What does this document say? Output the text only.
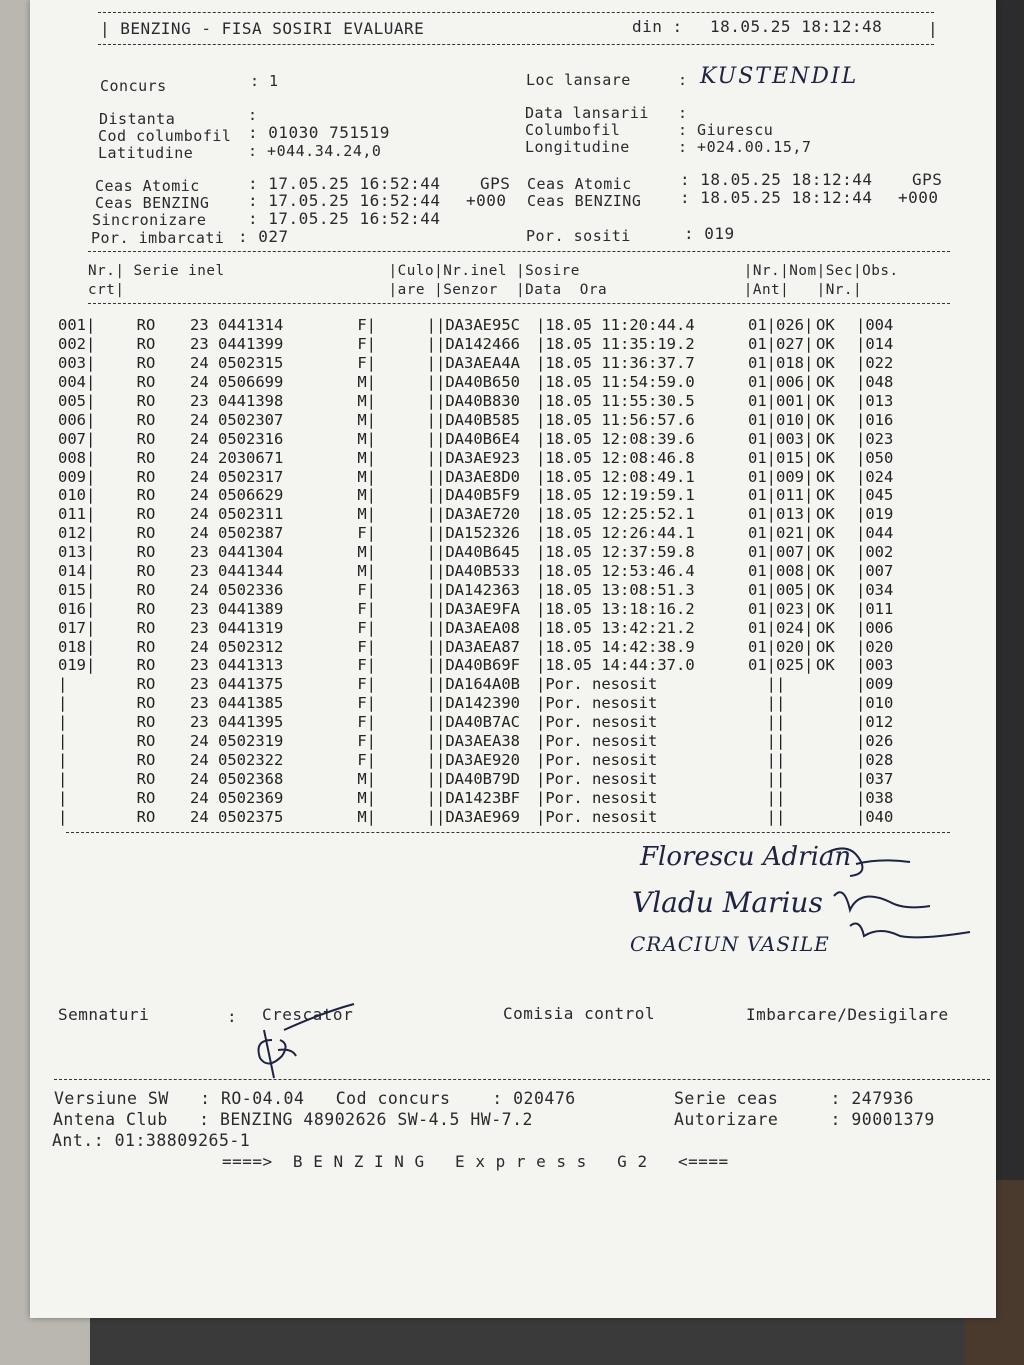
| BENZING - FISA SOSIRI EVALUARE	din : 18.05.25 18:12:48	|
Concurs	: 1
Distanta	:
Cod columbofil : 01030 751519
Latitudine	: +044.34.24,0
Loc lansare	: KUSTENDIL
Data lansarii :
Columbofil	: Giurescu
Longitudine	: +024.00.15,7
Ceas Atomic	: 17.05.25 16:52:44 GPS
Ceas BENZING : 17.05.25 16:52:44 +000
Sincronizare	: 17.05.25 16:52:44
Por. imbarcati : 027
Ceas Atomic	: 18.05.25 18:12:44 GPS
Ceas BENZING : 18.05.25 18:12:44 +000
Por. sositi	: 019
Nr.| Serie inel                  |Culo|Nr.inel |Sosire                  |Nr.|Nom|Sec|Obs.
crt|                             |are |Senzor  |Data  Ora               |Ant|   |Nr.|
001|	RO	23 0441314	F|	|	|DA3AE95C	|18.05 11:20:44.4	01|	026|	OK	|004
002|	RO	23 0441399	F|	|	|DA142466	|18.05 11:35:19.2	01|	027|	OK	|014
003|	RO	24 0502315	F|	|	|DA3AEA4A	|18.05 11:36:37.7	01|	018|	OK	|022
004|	RO	24 0506699	M|	|	|DA40B650	|18.05 11:54:59.0	01|	006|	OK	|048
005|	RO	23 0441398	M|	|	|DA40B830	|18.05 11:55:30.5	01|	001|	OK	|013
006|	RO	24 0502307	M|	|	|DA40B585	|18.05 11:56:57.6	01|	010|	OK	|016
007|	RO	24 0502316	M|	|	|DA40B6E4	|18.05 12:08:39.6	01|	003|	OK	|023
008|	RO	24 2030671	M|	|	|DA3AE923	|18.05 12:08:46.8	01|	015|	OK	|050
009|	RO	24 0502317	M|	|	|DA3AE8D0	|18.05 12:08:49.1	01|	009|	OK	|024
010|	RO	24 0506629	M|	|	|DA40B5F9	|18.05 12:19:59.1	01|	011|	OK	|045
011|	RO	24 0502311	M|	|	|DA3AE720	|18.05 12:25:52.1	01|	013|	OK	|019
012|	RO	24 0502387	F|	|	|DA152326	|18.05 12:26:44.1	01|	021|	OK	|044
013|	RO	23 0441304	M|	|	|DA40B645	|18.05 12:37:59.8	01|	007|	OK	|002
014|	RO	23 0441344	M|	|	|DA40B533	|18.05 12:53:46.4	01|	008|	OK	|007
015|	RO	24 0502336	F|	|	|DA142363	|18.05 13:08:51.3	01|	005|	OK	|034
016|	RO	23 0441389	F|	|	|DA3AE9FA	|18.05 13:18:16.2	01|	023|	OK	|011
017|	RO	23 0441319	F|	|	|DA3AEA08	|18.05 13:42:21.2	01|	024|	OK	|006
018|	RO	24 0502312	F|	|	|DA3AEA87	|18.05 14:42:38.9	01|	020|	OK	|020
019|	RO	23 0441313	F|	|	|DA40B69F	|18.05 14:44:37.0	01|	025|	OK	|003
|	RO	23 0441375	F|	|	|DA164A0B	|Por. nesosit	|	|		|009
|	RO	23 0441385	F|	|	|DA142390	|Por. nesosit	|	|		|010
|	RO	23 0441395	F|	|	|DA40B7AC	|Por. nesosit	|	|		|012
|	RO	24 0502319	F|	|	|DA3AEA38	|Por. nesosit	|	|		|026
|	RO	24 0502322	F|	|	|DA3AE920	|Por. nesosit	|	|		|028
|	RO	24 0502368	M|	|	|DA40B79D	|Por. nesosit	|	|		|037
|	RO	24 0502369	M|	|	|DA1423BF	|Por. nesosit	|	|		|038
|	RO	24 0502375	M|	|	|DA3AE969	|Por. nesosit	|	|		|040
Florescu Adrian
Vladu Marius
CRACIUN VASILE
Semnaturi	: Crescator	Comisia control	Imbarcare/Desigilare
Versiune SW   : RO-04.04   Cod concurs    : 020476	Serie ceas     : 247936
Antena Club   : BENZING 48902626 SW-4.5 HW-7.2	Autorizare     : 90001379
Ant.: 01:38809265-1
====>  B E N Z I N G   E x p r e s s   G 2   <====
